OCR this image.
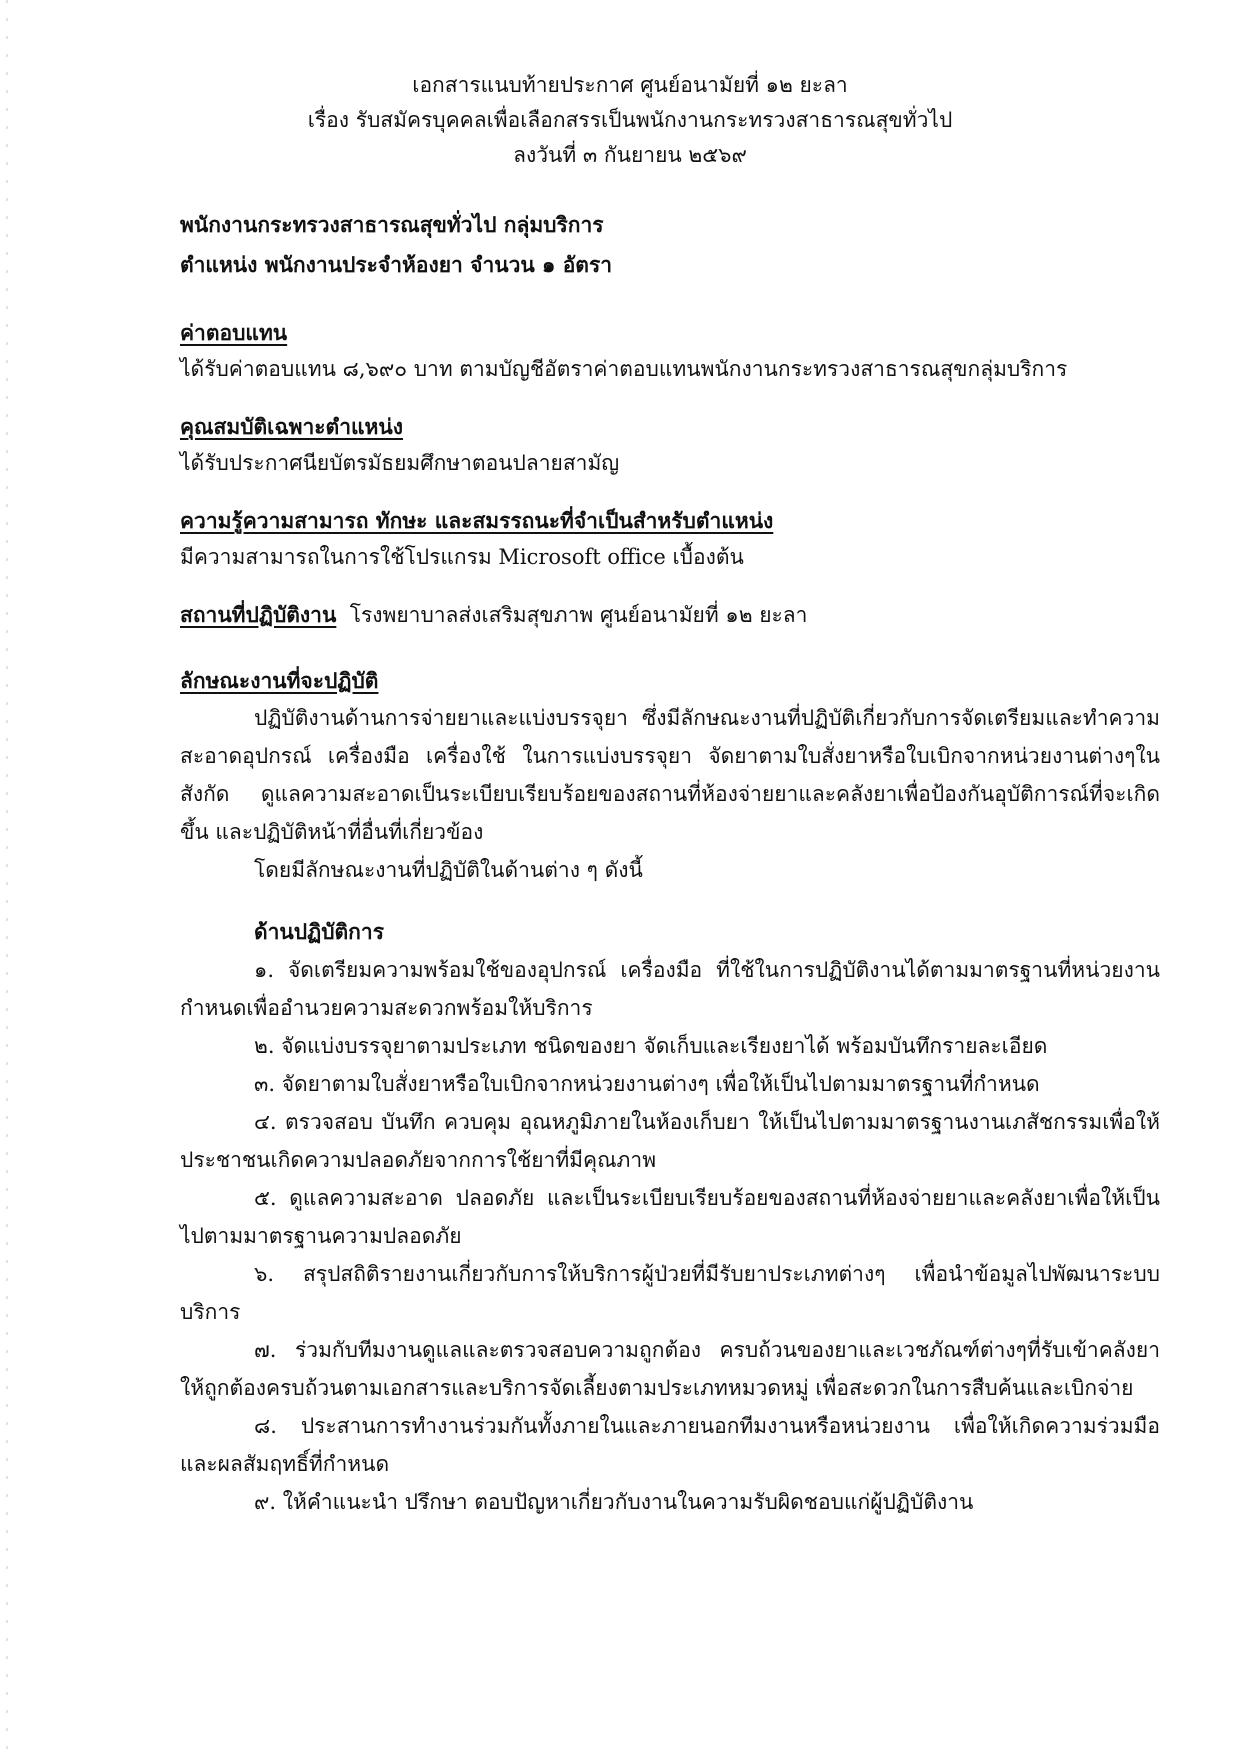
เอกสารแนบท้ายประกาศ ศูนย์อนามัยที่ ๑๒ ยะลา
เรื่อง รับสมัครบุคคลเพื่อเลือกสรรเป็นพนักงานกระทรวงสาธารณสุขทั่วไป
ลงวันที่ ๓ กันยายน ๒๕๖๙
พนักงานกระทรวงสาธารณสุขทั่วไป กลุ่มบริการ
ตำแหน่ง พนักงานประจำห้องยา จำนวน ๑ อัตรา
ค่าตอบแทน
ได้รับค่าตอบแทน ๘,๖๙๐ บาท ตามบัญชีอัตราค่าตอบแทนพนักงานกระทรวงสาธารณสุขกลุ่มบริการ
คุณสมบัติเฉพาะตำแหน่ง
ได้รับประกาศนียบัตรมัธยมศึกษาตอนปลายสามัญ
ความรู้ความสามารถ ทักษะ และสมรรถนะที่จำเป็นสำหรับตำแหน่ง
มีความสามารถในการใช้โปรแกรม Microsoft office เบื้องต้น
สถานที่ปฏิบัติงาน โรงพยาบาลส่งเสริมสุขภาพ ศูนย์อนามัยที่ ๑๒ ยะลา
ลักษณะงานที่จะปฏิบัติ
ปฏิบัติงานด้านการจ่ายยาและแบ่งบรรจุยา ซึ่งมีลักษณะงานที่ปฏิบัติเกี่ยวกับการจัดเตรียมและทำความสะอาดอุปกรณ์ เครื่องมือ เครื่องใช้ ในการแบ่งบรรจุยา จัดยาตามใบสั่งยาหรือใบเบิกจากหน่วยงานต่างๆในสังกัด ดูแลความสะอาดเป็นระเบียบเรียบร้อยของสถานที่ห้องจ่ายยาและคลังยาเพื่อป้องกันอุบัติการณ์ที่จะเกิดขึ้น และปฏิบัติหน้าที่อื่นที่เกี่ยวข้อง
โดยมีลักษณะงานที่ปฏิบัติในด้านต่าง ๆ ดังนี้
ด้านปฏิบัติการ
๑. จัดเตรียมความพร้อมใช้ของอุปกรณ์ เครื่องมือ ที่ใช้ในการปฏิบัติงานได้ตามมาตรฐานที่หน่วยงานกำหนดเพื่ออำนวยความสะดวกพร้อมให้บริการ
๒. จัดแบ่งบรรจุยาตามประเภท ชนิดของยา จัดเก็บและเรียงยาได้ พร้อมบันทึกรายละเอียด
๓. จัดยาตามใบสั่งยาหรือใบเบิกจากหน่วยงานต่างๆ เพื่อให้เป็นไปตามมาตรฐานที่กำหนด
๔. ตรวจสอบ บันทึก ควบคุม อุณหภูมิภายในห้องเก็บยา ให้เป็นไปตามมาตรฐานงานเภสัชกรรมเพื่อให้ประชาชนเกิดความปลอดภัยจากการใช้ยาที่มีคุณภาพ
๕. ดูแลความสะอาด ปลอดภัย และเป็นระเบียบเรียบร้อยของสถานที่ห้องจ่ายยาและคลังยาเพื่อให้เป็นไปตามมาตรฐานความปลอดภัย
๖. สรุปสถิติรายงานเกี่ยวกับการให้บริการผู้ป่วยที่มีรับยาประเภทต่างๆ เพื่อนำข้อมูลไปพัฒนาระบบบริการ
๗. ร่วมกับทีมงานดูแลและตรวจสอบความถูกต้อง ครบถ้วนของยาและเวชภัณฑ์ต่างๆที่รับเข้าคลังยาให้ถูกต้องครบถ้วนตามเอกสารและบริการจัดเลี้ยงตามประเภทหมวดหมู่ เพื่อสะดวกในการสืบค้นและเบิกจ่าย
๘. ประสานการทำงานร่วมกันทั้งภายในและภายนอกทีมงานหรือหน่วยงาน เพื่อให้เกิดความร่วมมือและผลสัมฤทธิ์ที่กำหนด
๙. ให้คำแนะนำ ปรึกษา ตอบปัญหาเกี่ยวกับงานในความรับผิดชอบแก่ผู้ปฏิบัติงาน
